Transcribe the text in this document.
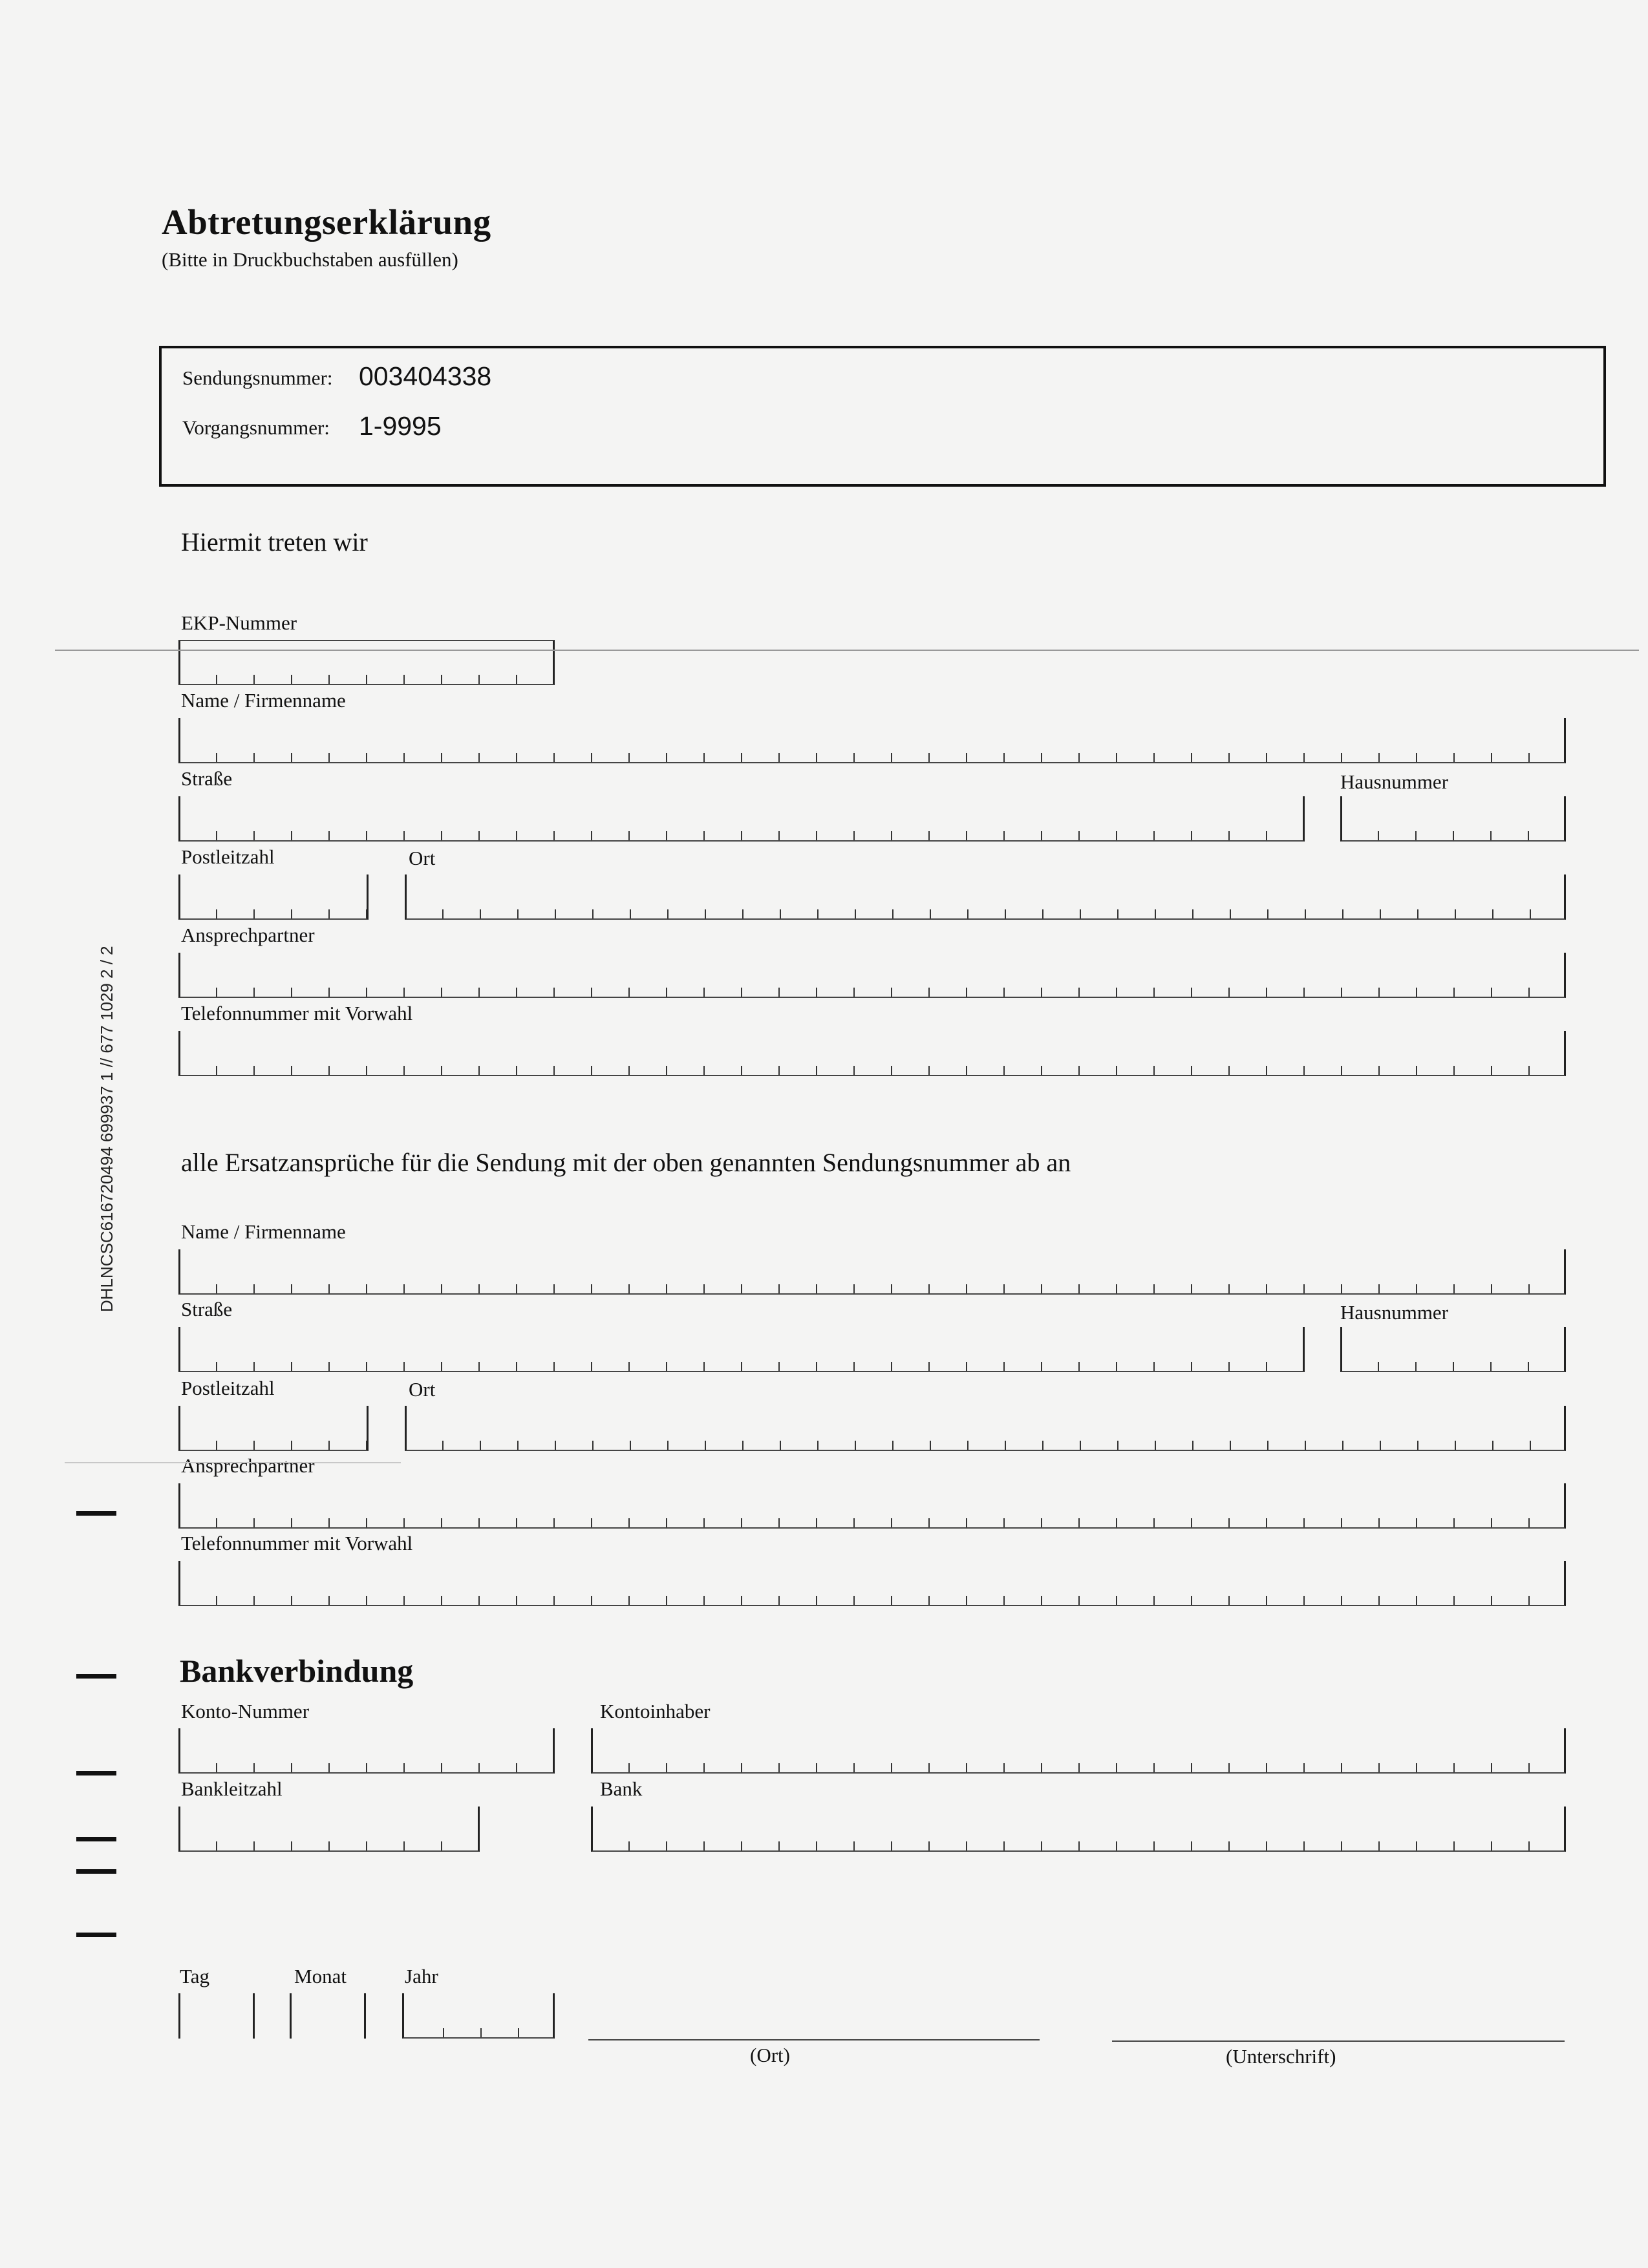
Abtretungserklärung
(Bitte in Druckbuchstaben ausfüllen)
Sendungsnummer: 003404338
Vorgangsnummer: 1-9995
Hiermit treten wir
EKP-Nummer
Name / Firmenname
Straße	Hausnummer
Postleitzahl	Ort
Ansprechpartner
Telefonnummer mit Vorwahl
alle Ersatzansprüche für die Sendung mit der oben genannten Sendungsnummer ab an
Name / Firmenname
Straße	Hausnummer
Postleitzahl	Ort
Ansprechpartner
Telefonnummer mit Vorwahl
Bankverbindung
Konto-Nummer	Kontoinhaber
Bankleitzahl	Bank
Tag	Monat	Jahr
(Ort)	(Unterschrift)
DHLNCSC61672049​4 699937 1 // 677 1029 2 / 2
